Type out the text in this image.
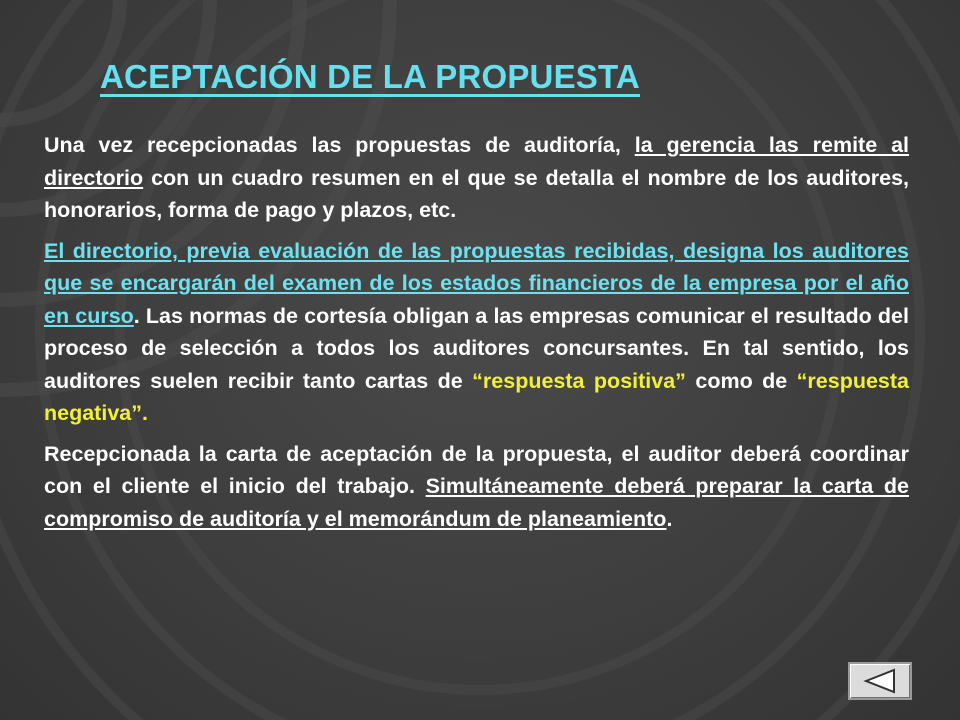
ACEPTACIÓN DE LA PROPUESTA

Una vez recepcionadas las propuestas de auditoría, la gerencia las remite al directorio con un cuadro resumen en el que se detalla el nombre de los auditores, honorarios, forma de pago y plazos, etc.

El directorio, previa evaluación de las propuestas recibidas, designa los auditores que se encargarán del examen de los estados financieros de la empresa por el año en curso. Las normas de cortesía obligan a las empresas comunicar el resultado del proceso de selección a todos los auditores concursantes. En tal sentido, los auditores suelen recibir tanto cartas de “respuesta positiva” como de “respuesta negativa”.

Recepcionada la carta de aceptación de la propuesta, el auditor deberá coordinar con el cliente el inicio del trabajo. Simultáneamente deberá preparar la carta de compromiso de auditoría y el memorándum de planeamiento.
